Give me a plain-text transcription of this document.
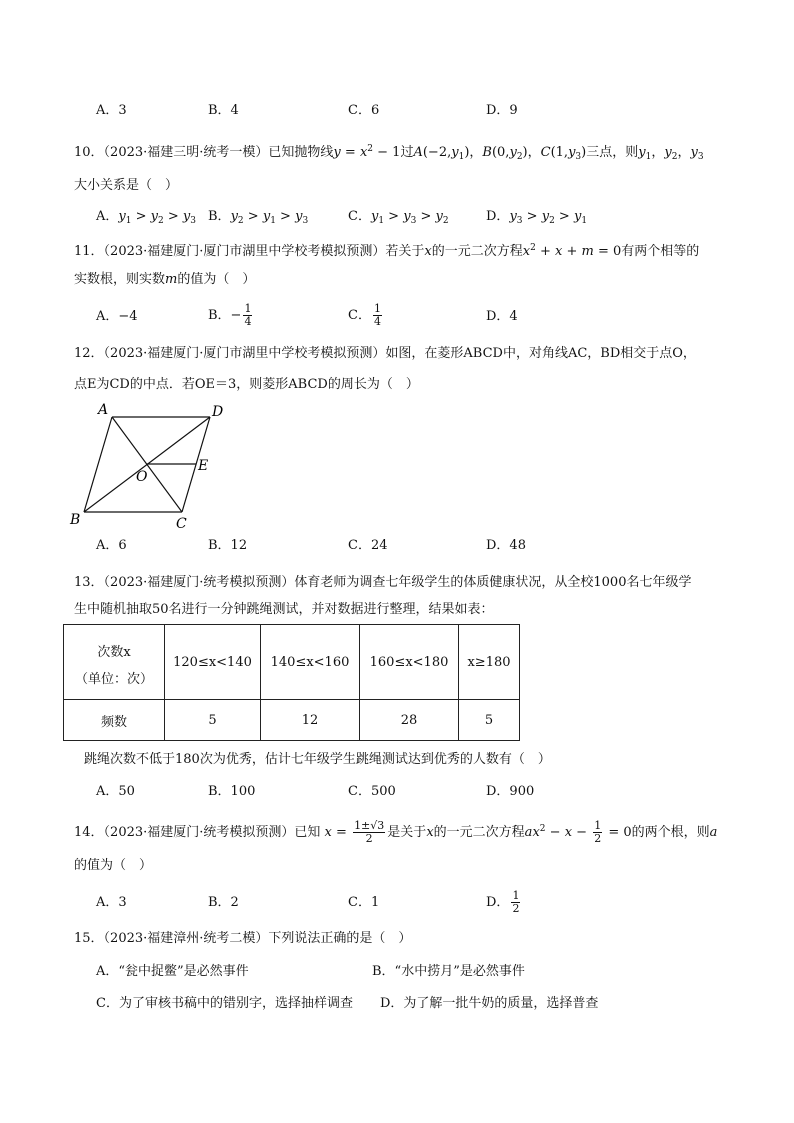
A．3	B．4	C．6	D．9
10．（2023·福建三明·统考一模）已知抛物线$y = x^2 - 1$过$A(-2,y_1)$，$B(0,y_2)$，$C(1,y_3)$三点，则$y_1$，$y_2$，$y_3$
大小关系是（　）
A．$y_1 > y_2 > y_3$ B．$y_2 > y_1 > y_3$	C．$y_1 > y_3 > y_2$	D．$y_3 > y_2 > y_1$
11．（2023·福建厦门·厦门市湖里中学校考模拟预测）若关于x的一元二次方程$x^2 + x + m = 0$有两个相等的
实数根，则实数m的值为（　）
A．−4	B．− $\frac{1}{4}$	C． $\frac{1}{4}$	D．4
12．（2023·福建厦门·厦门市湖里中学校考模拟预测）如图，在菱形ABCD中，对角线AC，BD相交于点O，
点E为CD的中点．若OE＝3，则菱形ABCD的周长为（　）
A	D
B	C
O
E
A．6	B．12	C．24	D．48
13．（2023·福建厦门·统考模拟预测）体育老师为调查七年级学生的体质健康状况，从全校1000名七年级学
生中随机抽取50名进行一分钟跳绳测试，并对数据进行整理，结果如表：
次数x
（单位：次）	120≤x<140	140≤x<160	160≤x<180	x≥180
频数	5	12	28	5
跳绳次数不低于180次为优秀，估计七年级学生跳绳测试达到优秀的人数有（　）
A．50	B．100	C．500	D．900
14．（2023·福建厦门·统考模拟预测）已知 $x = \frac{1\pm√3}{2}$ 是关于x的一元二次方程$ax^2 - x - \frac{1}{2} = 0$的两个根，则a
的值为（　）
A．3	B．2	C．1	D． $\frac{1}{2}$
15．（2023·福建漳州·统考二模）下列说法正确的是（　）
A．“瓮中捉鳖”是必然事件	B．“水中捞月”是必然事件
C．为了审核书稿中的错别字，选择抽样调查 D．为了解一批牛奶的质量，选择普查
